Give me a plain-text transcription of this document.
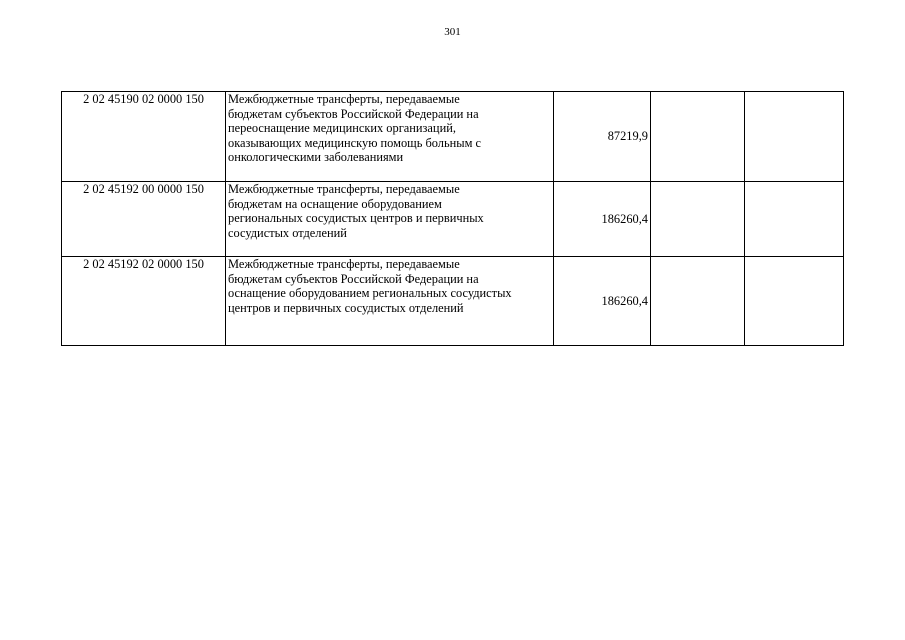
301
2 02 45190 02 0000 150	Межбюджетные трансферты, передаваемые
бюджетам субъектов Российской Федерации на
переоснащение медицинских организаций,
оказывающих медицинскую помощь больным с
онкологическими заболеваниями	87219,9		
2 02 45192 00 0000 150	Межбюджетные трансферты, передаваемые
бюджетам на оснащение оборудованием
региональных сосудистых центров и первичных
сосудистых отделений	186260,4		
2 02 45192 02 0000 150	Межбюджетные трансферты, передаваемые
бюджетам субъектов Российской Федерации на
оснащение оборудованием региональных сосудистых
центров и первичных сосудистых отделений	186260,4		
